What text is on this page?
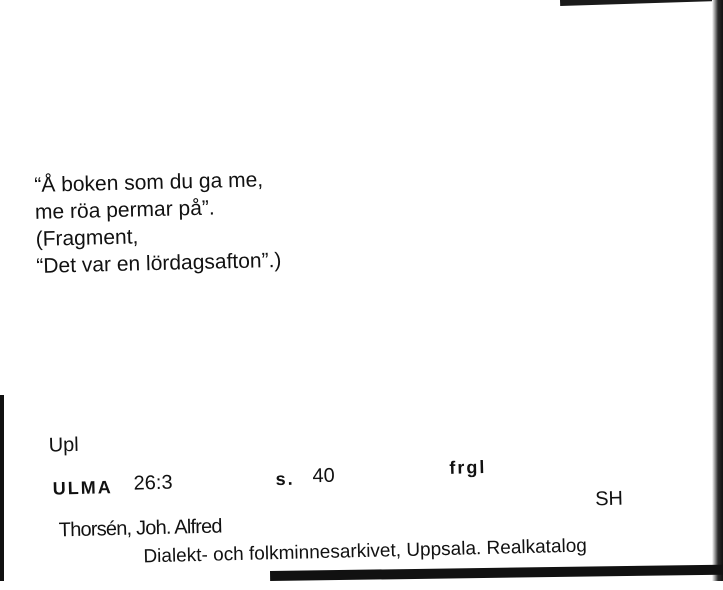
“Å boken som du ga me,
me röa permar på”.
(Fragment,
“Det var en lördagsafton”.)

Upl
ULMA 26:3	s. 40	frgl
Thorsén, Joh. Alfred
SH
Dialekt- och folkminnesarkivet, Uppsala. Realkatalog
